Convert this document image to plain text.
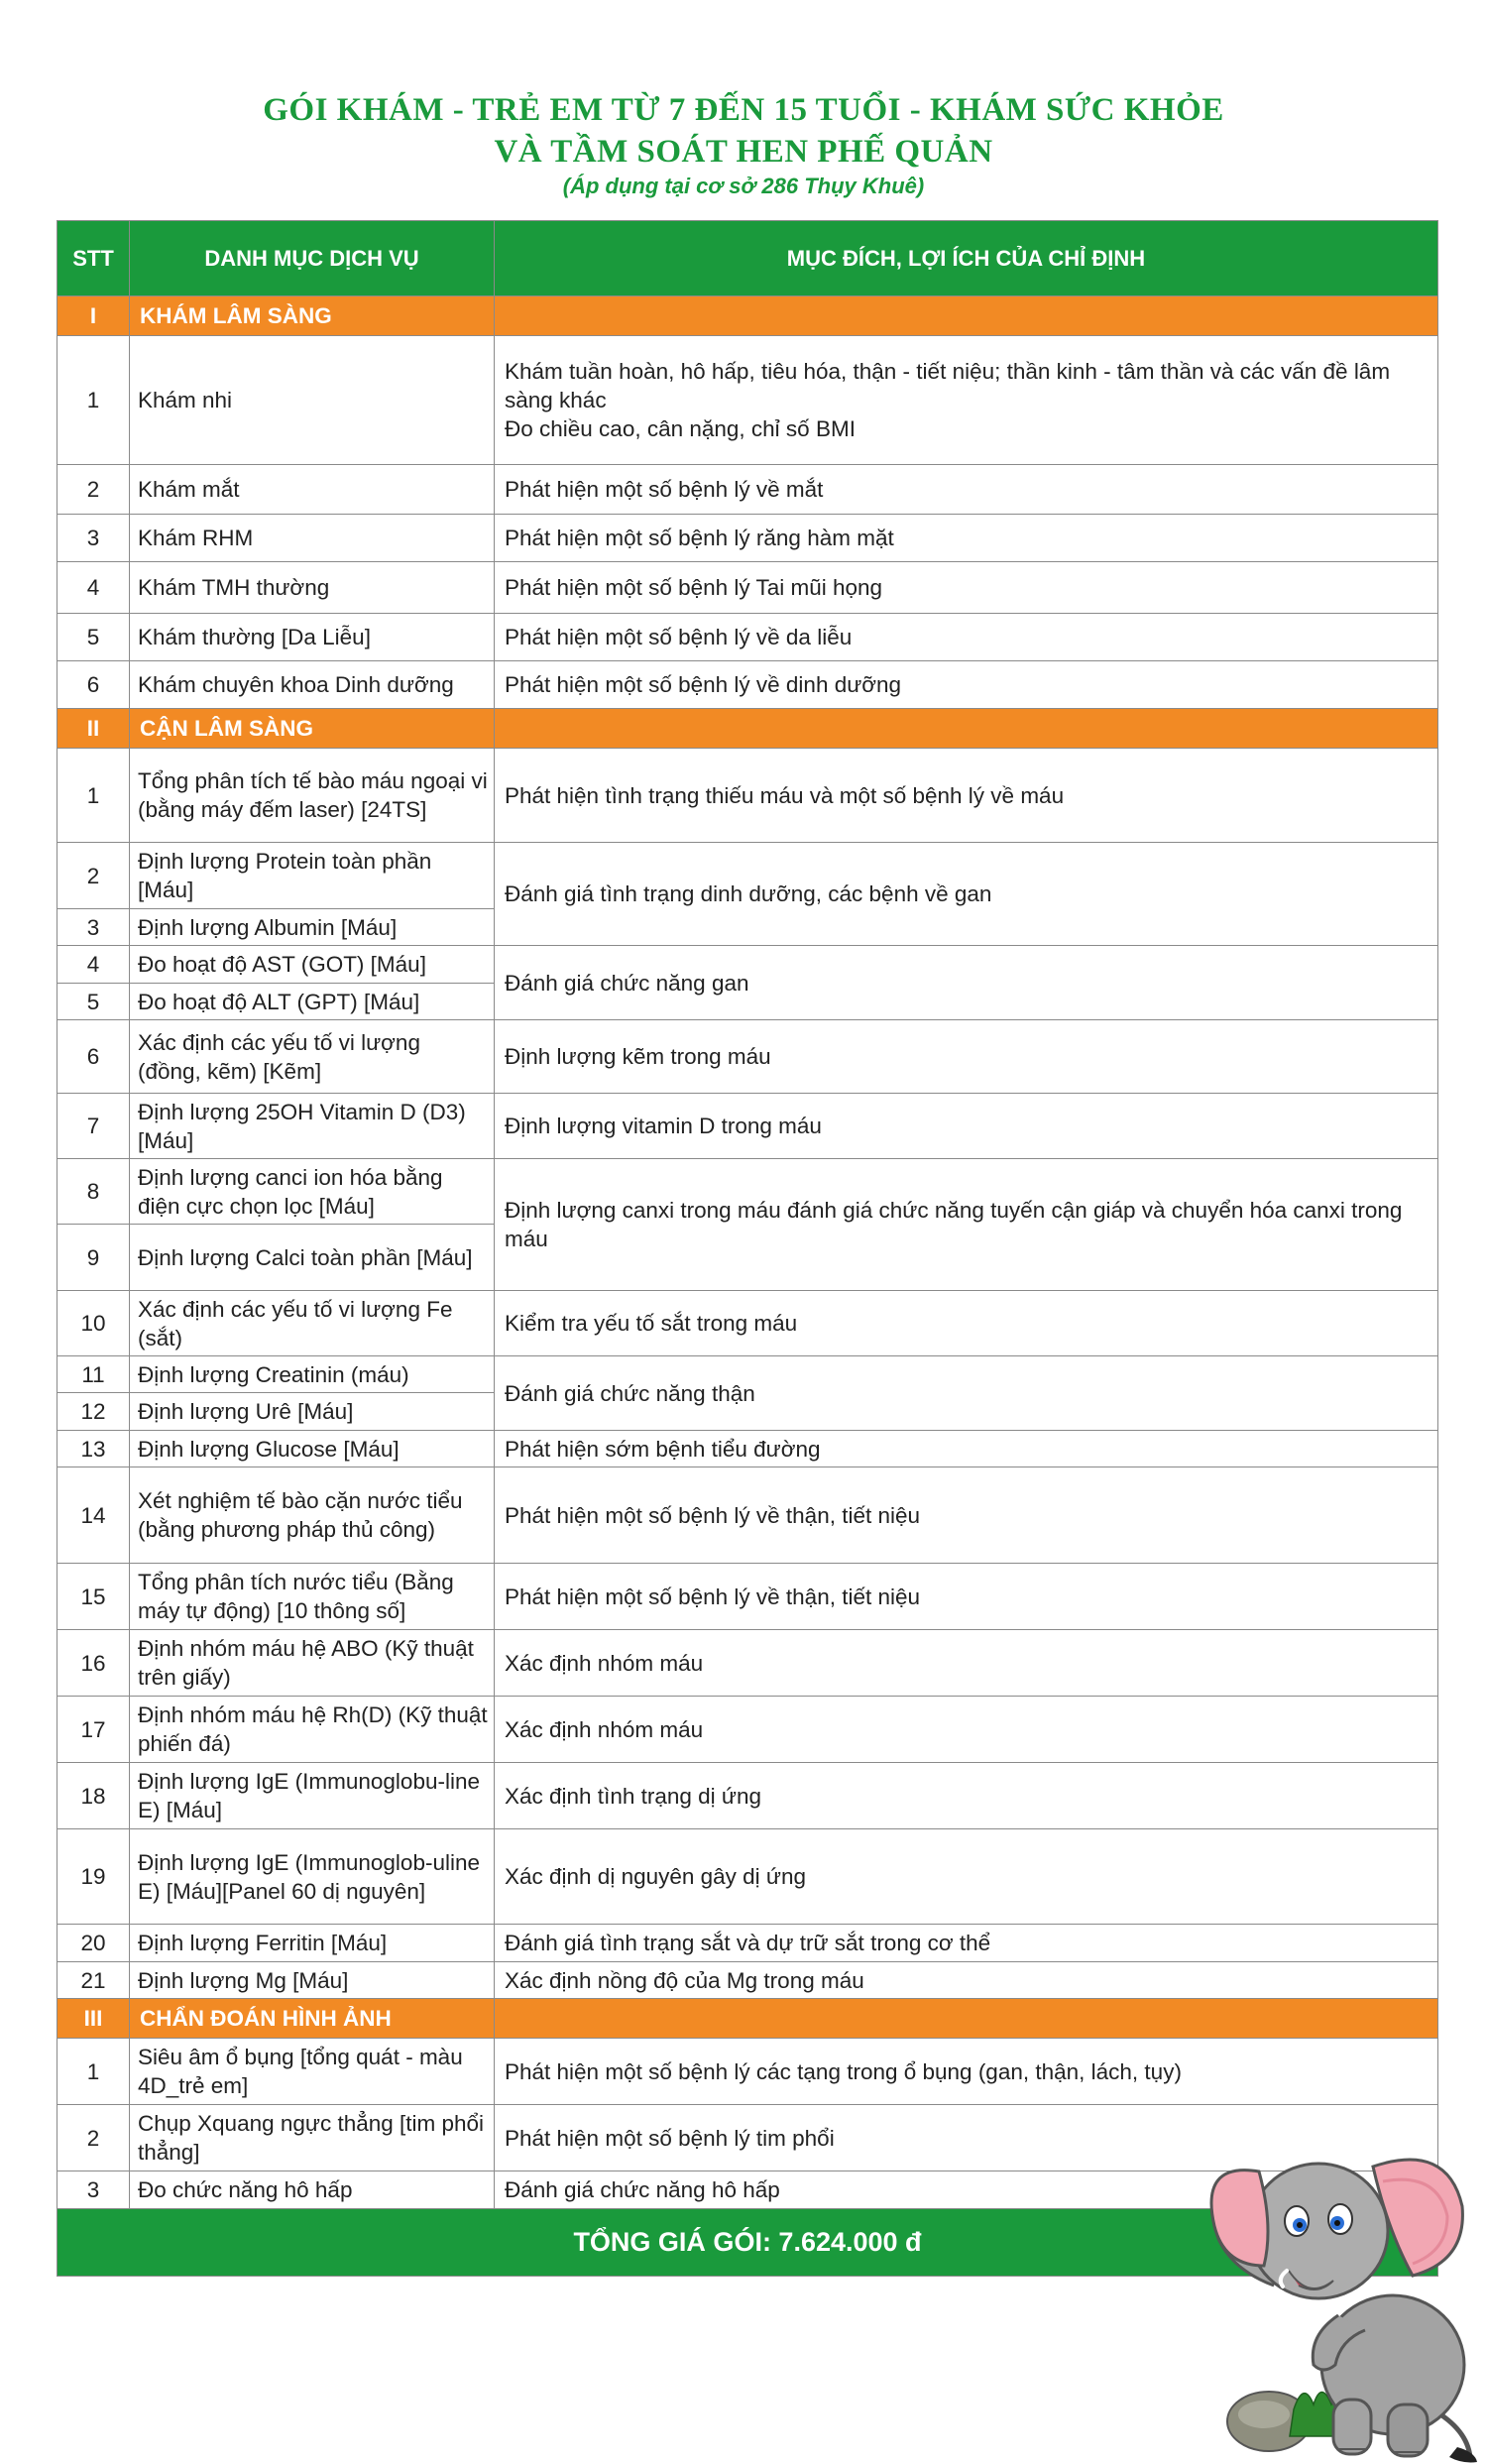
GÓI KHÁM - TRẺ EM TỪ 7 ĐẾN 15 TUỔI - KHÁM SỨC KHỎE
VÀ TẦM SOÁT HEN PHẾ QUẢN
(Áp dụng tại cơ sở 286 Thụy Khuê)
STT	DANH MỤC DỊCH VỤ	MỤC ĐÍCH, LỢI ÍCH CỦA CHỈ ĐỊNH
I	KHÁM LÂM SÀNG	
1	Khám nhi	Khám tuần hoàn, hô hấp, tiêu hóa, thận - tiết niệu; thần kinh - tâm thần và các vấn đề lâm sàng khác
Đo chiều cao, cân nặng, chỉ số BMI

2	Khám mắt	Phát hiện một số bệnh lý về mắt
3	Khám RHM	Phát hiện một số bệnh lý răng hàm mặt
4	Khám TMH thường	Phát hiện một số bệnh lý Tai mũi họng
5	Khám thường [Da Liễu]	Phát hiện một số bệnh lý về da liễu
6	Khám chuyên khoa Dinh dưỡng	Phát hiện một số bệnh lý về dinh dưỡng
II	CẬN LÂM SÀNG	
1	Tổng phân tích tế bào máu ngoại vi (bằng máy đếm laser) [24TS]	Phát hiện tình trạng thiếu máu và một số bệnh lý về máu
2	Định lượng Protein toàn phần [Máu]	Đánh giá tình trạng dinh dưỡng, các bệnh về gan
3	Định lượng Albumin [Máu]	
4	Đo hoạt độ AST (GOT) [Máu]	Đánh giá chức năng gan
5	Đo hoạt độ ALT (GPT) [Máu]	
6	Xác định các yếu tố vi lượng (đồng, kẽm) [Kẽm]	Định lượng kẽm trong máu
7	Định lượng 25OH Vitamin D (D3) [Máu]	Định lượng vitamin D trong máu
8	Định lượng canci ion hóa bằng điện cực chọn lọc [Máu]	Định lượng canxi trong máu đánh giá chức năng tuyến cận giáp và chuyển hóa canxi trong máu
9	Định lượng Calci toàn phần [Máu]	
10	Xác định các yếu tố vi lượng Fe (sắt)	Kiểm tra yếu tố sắt trong máu
11	Định lượng Creatinin (máu)	Đánh giá chức năng thận
12	Định lượng Urê [Máu]	
13	Định lượng Glucose [Máu]	Phát hiện sớm bệnh tiểu đường
14	Xét nghiệm tế bào cặn nước tiểu (bằng phương pháp thủ công)	Phát hiện một số bệnh lý về thận, tiết niệu
15	Tổng phân tích nước tiểu (Bằng máy tự động) [10 thông số]	Phát hiện một số bệnh lý về thận, tiết niệu
16	Định nhóm máu hệ ABO (Kỹ thuật trên giấy)	Xác định nhóm máu
17	Định nhóm máu hệ Rh(D) (Kỹ thuật phiến đá)	Xác định nhóm máu
18	Định lượng IgE (Immunoglobu-line E) [Máu]	Xác định tình trạng dị ứng
19	Định lượng IgE (Immunoglob-uline E) [Máu][Panel 60 dị nguyên]	Xác định dị nguyên gây dị ứng
20	Định lượng Ferritin [Máu]	Đánh giá tình trạng sắt và dự trữ sắt trong cơ thể
21	Định lượng Mg [Máu]	Xác định nồng độ của Mg trong máu
III	CHẨN ĐOÁN HÌNH ẢNH	
1	Siêu âm ổ bụng [tổng quát - màu 4D_trẻ em]	Phát hiện một số bệnh lý các tạng trong ổ bụng (gan, thận, lách, tụy)
2	Chụp Xquang ngực thẳng [tim phổi thẳng]	Phát hiện một số bệnh lý tim phổi
3	Đo chức năng hô hấp	Đánh giá chức năng hô hấp
TỔNG GIÁ GÓI: 7.624.000 đ		
